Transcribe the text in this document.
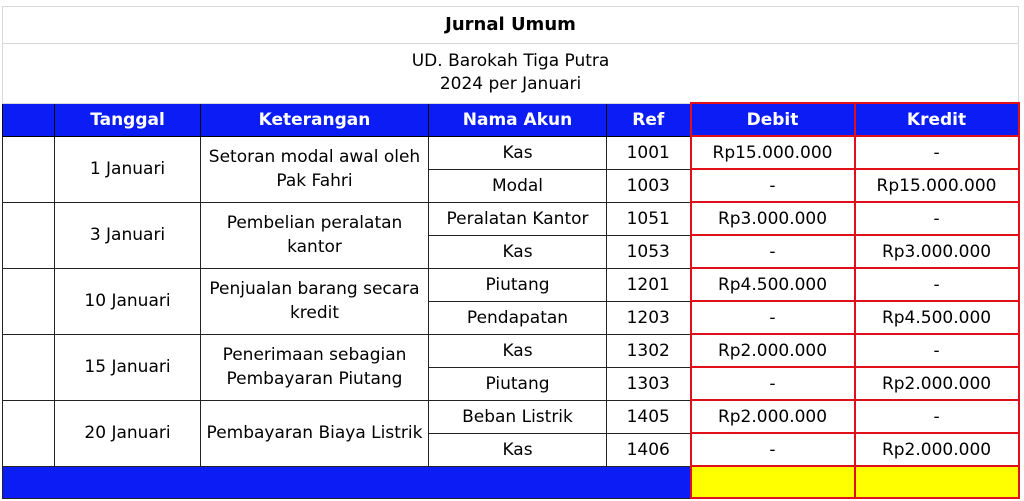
Jurnal Umum						

UD. Barokah Tiga Putra
2024 per Januari						

	Tanggal	Keterangan	Nama Akun	Ref	Debit	Kredit
	1 Januari	Setoran modal awal oleh Pak Fahri	Kas	1001	Rp15.000.000	-
			Modal	1003	-	Rp15.000.000
	3 Januari	Pembelian peralatan kantor	Peralatan Kantor	1051	Rp3.000.000	-
			Kas	1053	-	Rp3.000.000
	10 Januari	Penjualan barang secara kredit	Piutang	1201	Rp4.500.000	-
			Pendapatan	1203	-	Rp4.500.000
	15 Januari	Penerimaan sebagian Pembayaran Piutang	Kas	1302	Rp2.000.000	-
			Piutang	1303	-	Rp2.000.000
	20 Januari	Pembayaran Biaya Listrik	Beban Listrik	1405	Rp2.000.000	-
			Kas	1406	-	Rp2.000.000
